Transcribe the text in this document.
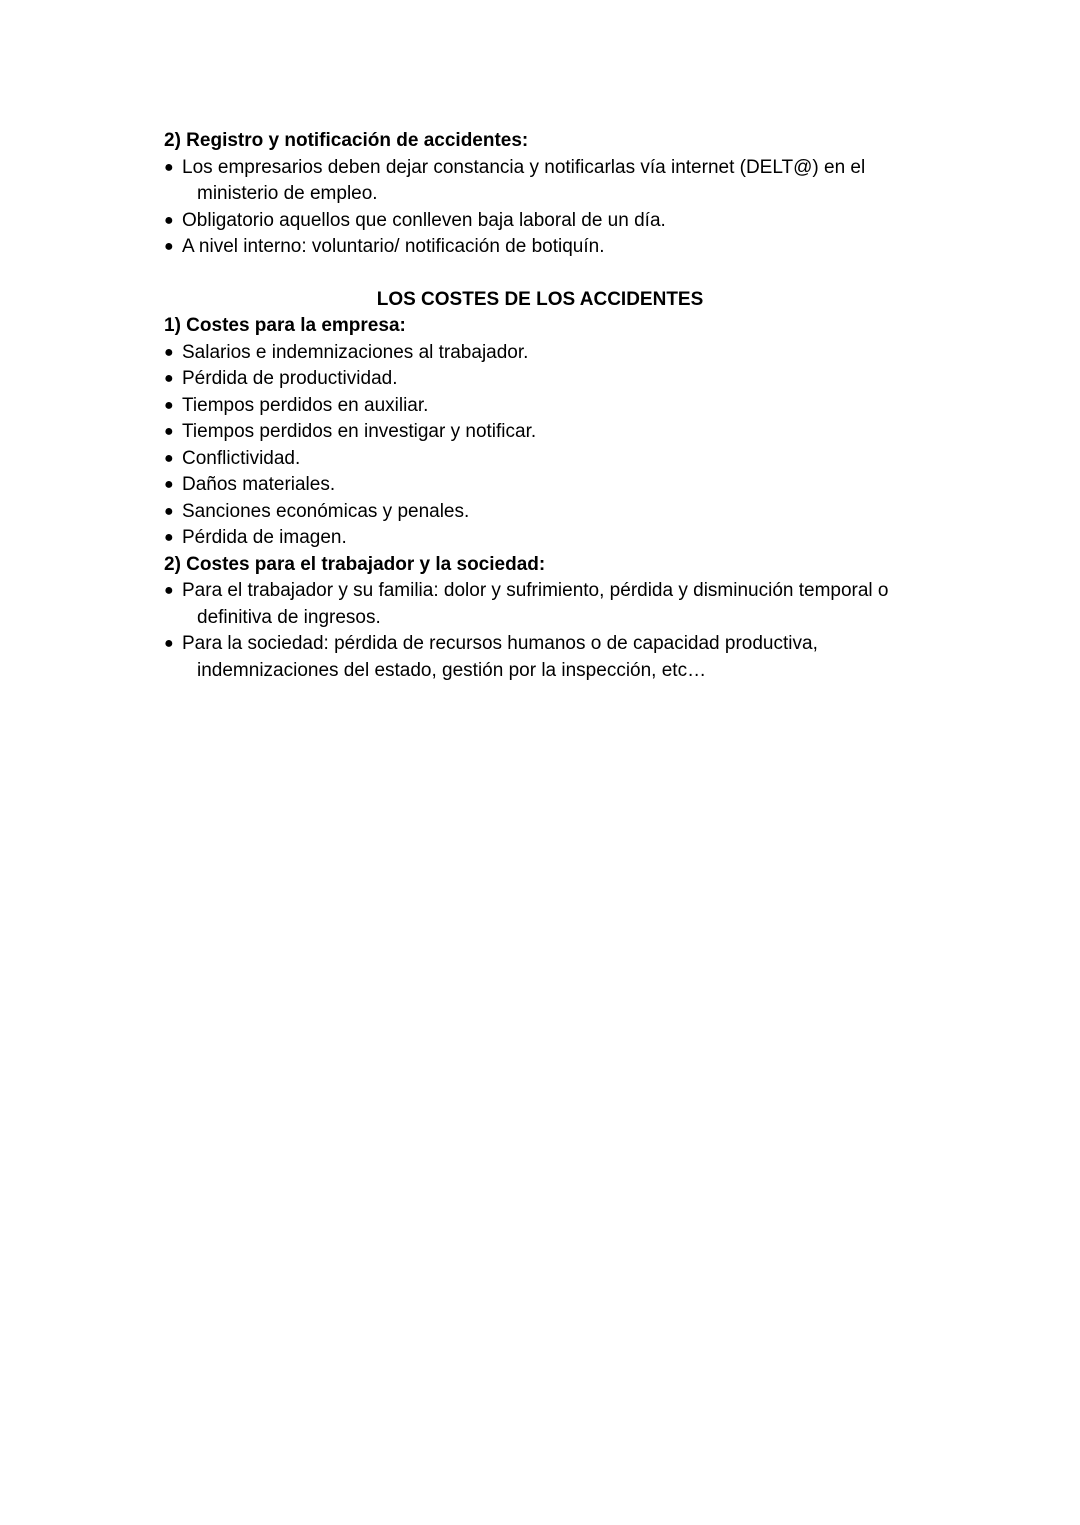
2) Registro y notificación de accidentes:

● Los empresarios deben dejar constancia y notificarlas vía internet (DELT@) en el
ministerio de empleo.
● Obligatorio aquellos que conlleven baja laboral de un día.
● A nivel interno: voluntario/ notificación de botiquín.

LOS COSTES DE LOS ACCIDENTES

1) Costes para la empresa:

● Salarios e indemnizaciones al trabajador.
● Pérdida de productividad.
● Tiempos perdidos en auxiliar.
● Tiempos perdidos en investigar y notificar.
● Conflictividad.
● Daños materiales.
● Sanciones económicas y penales.
● Pérdida de imagen.

2) Costes para el trabajador y la sociedad:

● Para el trabajador y su familia: dolor y sufrimiento, pérdida y disminución temporal o
definitiva de ingresos.
● Para la sociedad: pérdida de recursos humanos o de capacidad productiva,
indemnizaciones del estado, gestión por la inspección, etc…
